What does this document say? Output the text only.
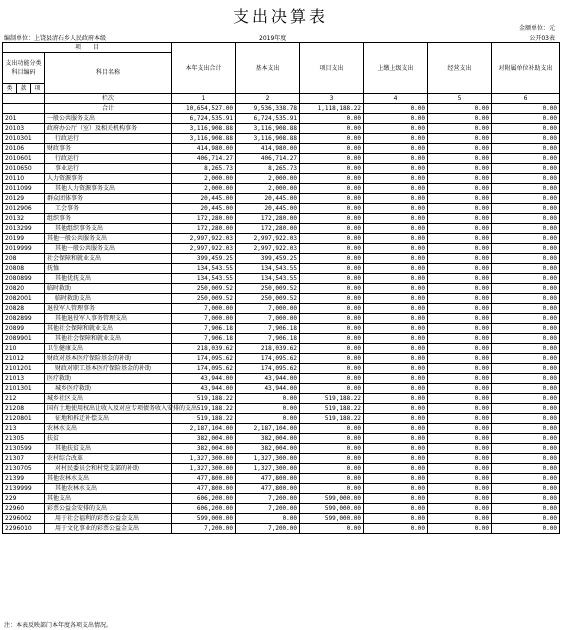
支出决算表
金额单位：元
编制单位：上饶县清石乡人民政府本级	2019年度	公开03表
项　　目				本年支出合计	基本支出	项目支出	上缴上级支出	经营支出	对附属单位补助支出
支出功能分类科目编码			科目名称						
类	款	项							
			栏次	1	2	3	4	5	6
			合计	10,654,527.00	9,536,338.78	1,118,188.22	0.00	0.00	0.00
201			一般公共服务支出	6,724,535.91	6,724,535.91	0.00	0.00	0.00	0.00
20103			政府办公厅（室）及相关机构事务	3,116,908.88	3,116,908.88	0.00	0.00	0.00	0.00
2010301			行政运行	3,116,908.88	3,116,908.88	0.00	0.00	0.00	0.00
20106			财政事务	414,980.00	414,980.00	0.00	0.00	0.00	0.00
2010601			行政运行	406,714.27	406,714.27	0.00	0.00	0.00	0.00
2010650			事业运行	8,265.73	8,265.73	0.00	0.00	0.00	0.00
20110			人力资源事务	2,000.00	2,000.00	0.00	0.00	0.00	0.00
2011099			其他人力资源事务支出	2,000.00	2,000.00	0.00	0.00	0.00	0.00
20129			群众团体事务	20,445.00	20,445.00	0.00	0.00	0.00	0.00
2012906			工会事务	20,445.00	20,445.00	0.00	0.00	0.00	0.00
20132			组织事务	172,280.00	172,280.00	0.00	0.00	0.00	0.00
2013299			其他组织事务支出	172,280.00	172,280.00	0.00	0.00	0.00	0.00
20199			其他一般公共服务支出	2,997,922.03	2,997,922.03	0.00	0.00	0.00	0.00
2019999			其他一般公共服务支出	2,997,922.03	2,997,922.03	0.00	0.00	0.00	0.00
208			社会保障和就业支出	399,459.25	399,459.25	0.00	0.00	0.00	0.00
20808			抚恤	134,543.55	134,543.55	0.00	0.00	0.00	0.00
2080899			其他优抚支出	134,543.55	134,543.55	0.00	0.00	0.00	0.00
20820			临时救助	250,009.52	250,009.52	0.00	0.00	0.00	0.00
2082001			临时救助支出	250,009.52	250,009.52	0.00	0.00	0.00	0.00
20828			退役军人管理事务	7,000.00	7,000.00	0.00	0.00	0.00	0.00
2082899			其他退役军人事务管理支出	7,000.00	7,000.00	0.00	0.00	0.00	0.00
20899			其他社会保障和就业支出	7,906.18	7,906.18	0.00	0.00	0.00	0.00
2089901			其他社会保障和就业支出	7,906.18	7,906.18	0.00	0.00	0.00	0.00
210			卫生健康支出	218,039.62	218,039.62	0.00	0.00	0.00	0.00
21012			财政对基本医疗保险基金的补助	174,095.62	174,095.62	0.00	0.00	0.00	0.00
2101201			财政对职工基本医疗保险基金的补助	174,095.62	174,095.62	0.00	0.00	0.00	0.00
21013			医疗救助	43,944.00	43,944.00	0.00	0.00	0.00	0.00
2101301			城乡医疗救助	43,944.00	43,944.00	0.00	0.00	0.00	0.00
212			城乡社区支出	519,188.22	0.00	519,188.22	0.00	0.00	0.00
21208			国有土地使用权出让收入及对应专项债务收入安排的支出	519,188.22	0.00	519,188.22	0.00	0.00	0.00
2120801			征地和拆迁补偿支出	519,188.22	0.00	519,188.22	0.00	0.00	0.00
213			农林水支出	2,187,104.00	2,187,104.00	0.00	0.00	0.00	0.00
21305			扶贫	382,004.00	382,004.00	0.00	0.00	0.00	0.00
2130599			其他扶贫支出	382,004.00	382,004.00	0.00	0.00	0.00	0.00
21307			农村综合改革	1,327,300.00	1,327,300.00	0.00	0.00	0.00	0.00
2130705			对村民委员会和村党支部的补助	1,327,300.00	1,327,300.00	0.00	0.00	0.00	0.00
21399			其他农林水支出	477,800.00	477,800.00	0.00	0.00	0.00	0.00
2139999			其他农林水支出	477,800.00	477,800.00	0.00	0.00	0.00	0.00
229			其他支出	606,200.00	7,200.00	599,000.00	0.00	0.00	0.00
22960			彩票公益金安排的支出	606,200.00	7,200.00	599,000.00	0.00	0.00	0.00
2296002			用于社会福利的彩票公益金支出	599,000.00	0.00	599,000.00	0.00	0.00	0.00
2296010			用于文化事业的彩票公益金支出	7,200.00	7,200.00	0.00	0.00	0.00	0.00
注：本表反映部门本年度各项支出情况。
